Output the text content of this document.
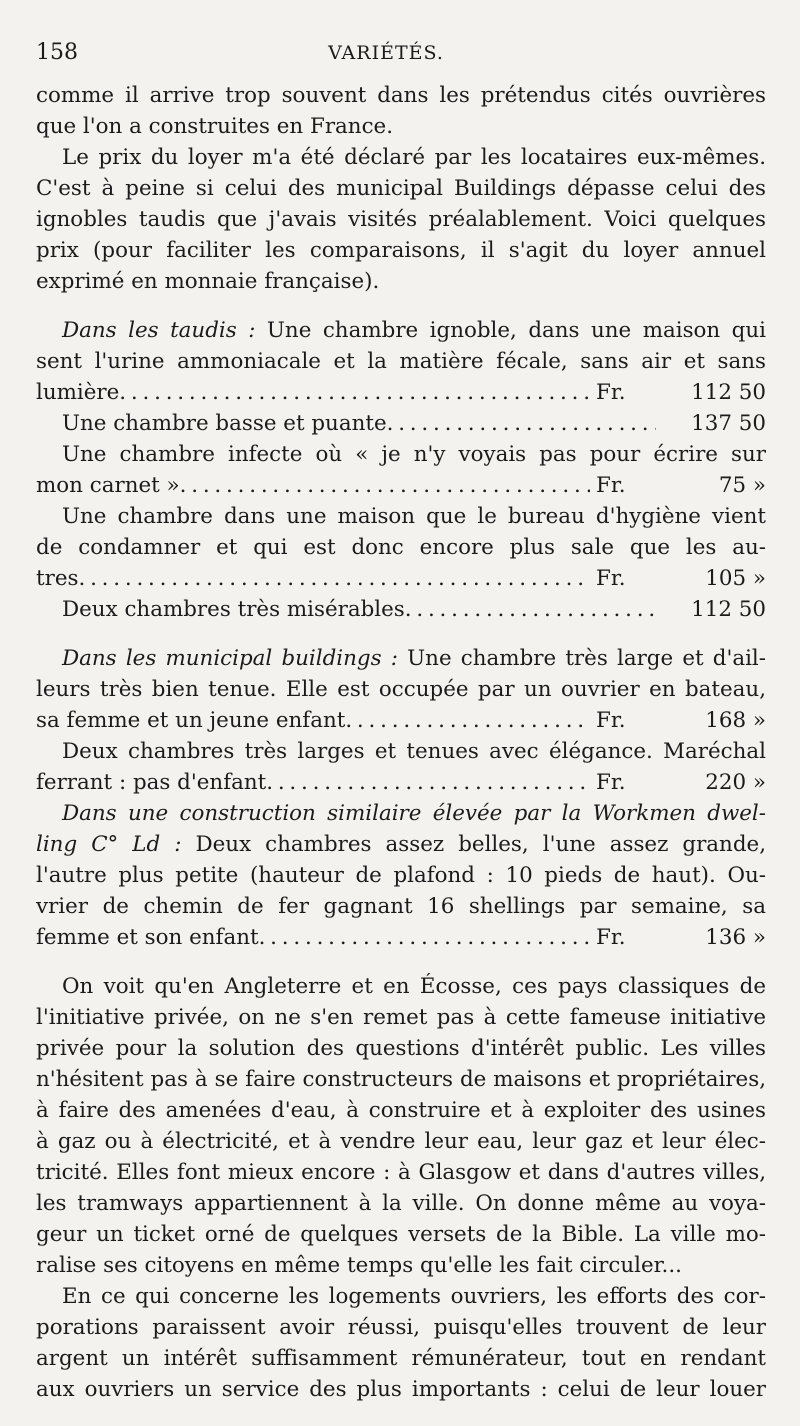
158	VARIÉTÉS.
comme il arrive trop souvent dans les prétendus cités ouvrières
que l'on a construites en France.
Le prix du loyer m'a été déclaré par les locataires eux-mêmes.
C'est à peine si celui des municipal Buildings dépasse celui des
ignobles taudis que j'avais visités préalablement. Voici quelques
prix (pour faciliter les comparaisons, il s'agit du loyer annuel
exprimé en monnaie française).
Dans les taudis : Une chambre ignoble, dans une maison qui
sent l'urine ammoniacale et la matière fécale, sans air et sans
lumière . . .	Fr.	112 50
Une chambre basse et puante . . .	137 50
Une chambre infecte où « je n'y voyais pas pour écrire sur
mon carnet » . . .	Fr.	75 »
Une chambre dans une maison que le bureau d'hygiène vient
de condamner et qui est donc encore plus sale que les au-
tres . . .	Fr.	105 »
Deux chambres très misérables . . .	112 50
Dans les municipal buildings : Une chambre très large et d'ail-
leurs très bien tenue. Elle est occupée par un ouvrier en bateau,
sa femme et un jeune enfant . . .	Fr.	168 »
Deux chambres très larges et tenues avec élégance. Maréchal
ferrant : pas d'enfant . . .	Fr.	220 »
Dans une construction similaire élevée par la Workmen dwel-
ling C° Ld : Deux chambres assez belles, l'une assez grande,
l'autre plus petite (hauteur de plafond : 10 pieds de haut). Ou-
vrier de chemin de fer gagnant 16 shellings par semaine, sa
femme et son enfant . . .	Fr.	136 »
On voit qu'en Angleterre et en Écosse, ces pays classiques de
l'initiative privée, on ne s'en remet pas à cette fameuse initiative
privée pour la solution des questions d'intérêt public. Les villes
n'hésitent pas à se faire constructeurs de maisons et propriétaires,
à faire des amenées d'eau, à construire et à exploiter des usines
à gaz ou à électricité, et à vendre leur eau, leur gaz et leur élec-
tricité. Elles font mieux encore : à Glasgow et dans d'autres villes,
les tramways appartiennent à la ville. On donne même au voya-
geur un ticket orné de quelques versets de la Bible. La ville mo-
ralise ses citoyens en même temps qu'elle les fait circuler...
En ce qui concerne les logements ouvriers, les efforts des cor-
porations paraissent avoir réussi, puisqu'elles trouvent de leur
argent un intérêt suffisamment rémunérateur, tout en rendant
aux ouvriers un service des plus importants : celui de leur louer
